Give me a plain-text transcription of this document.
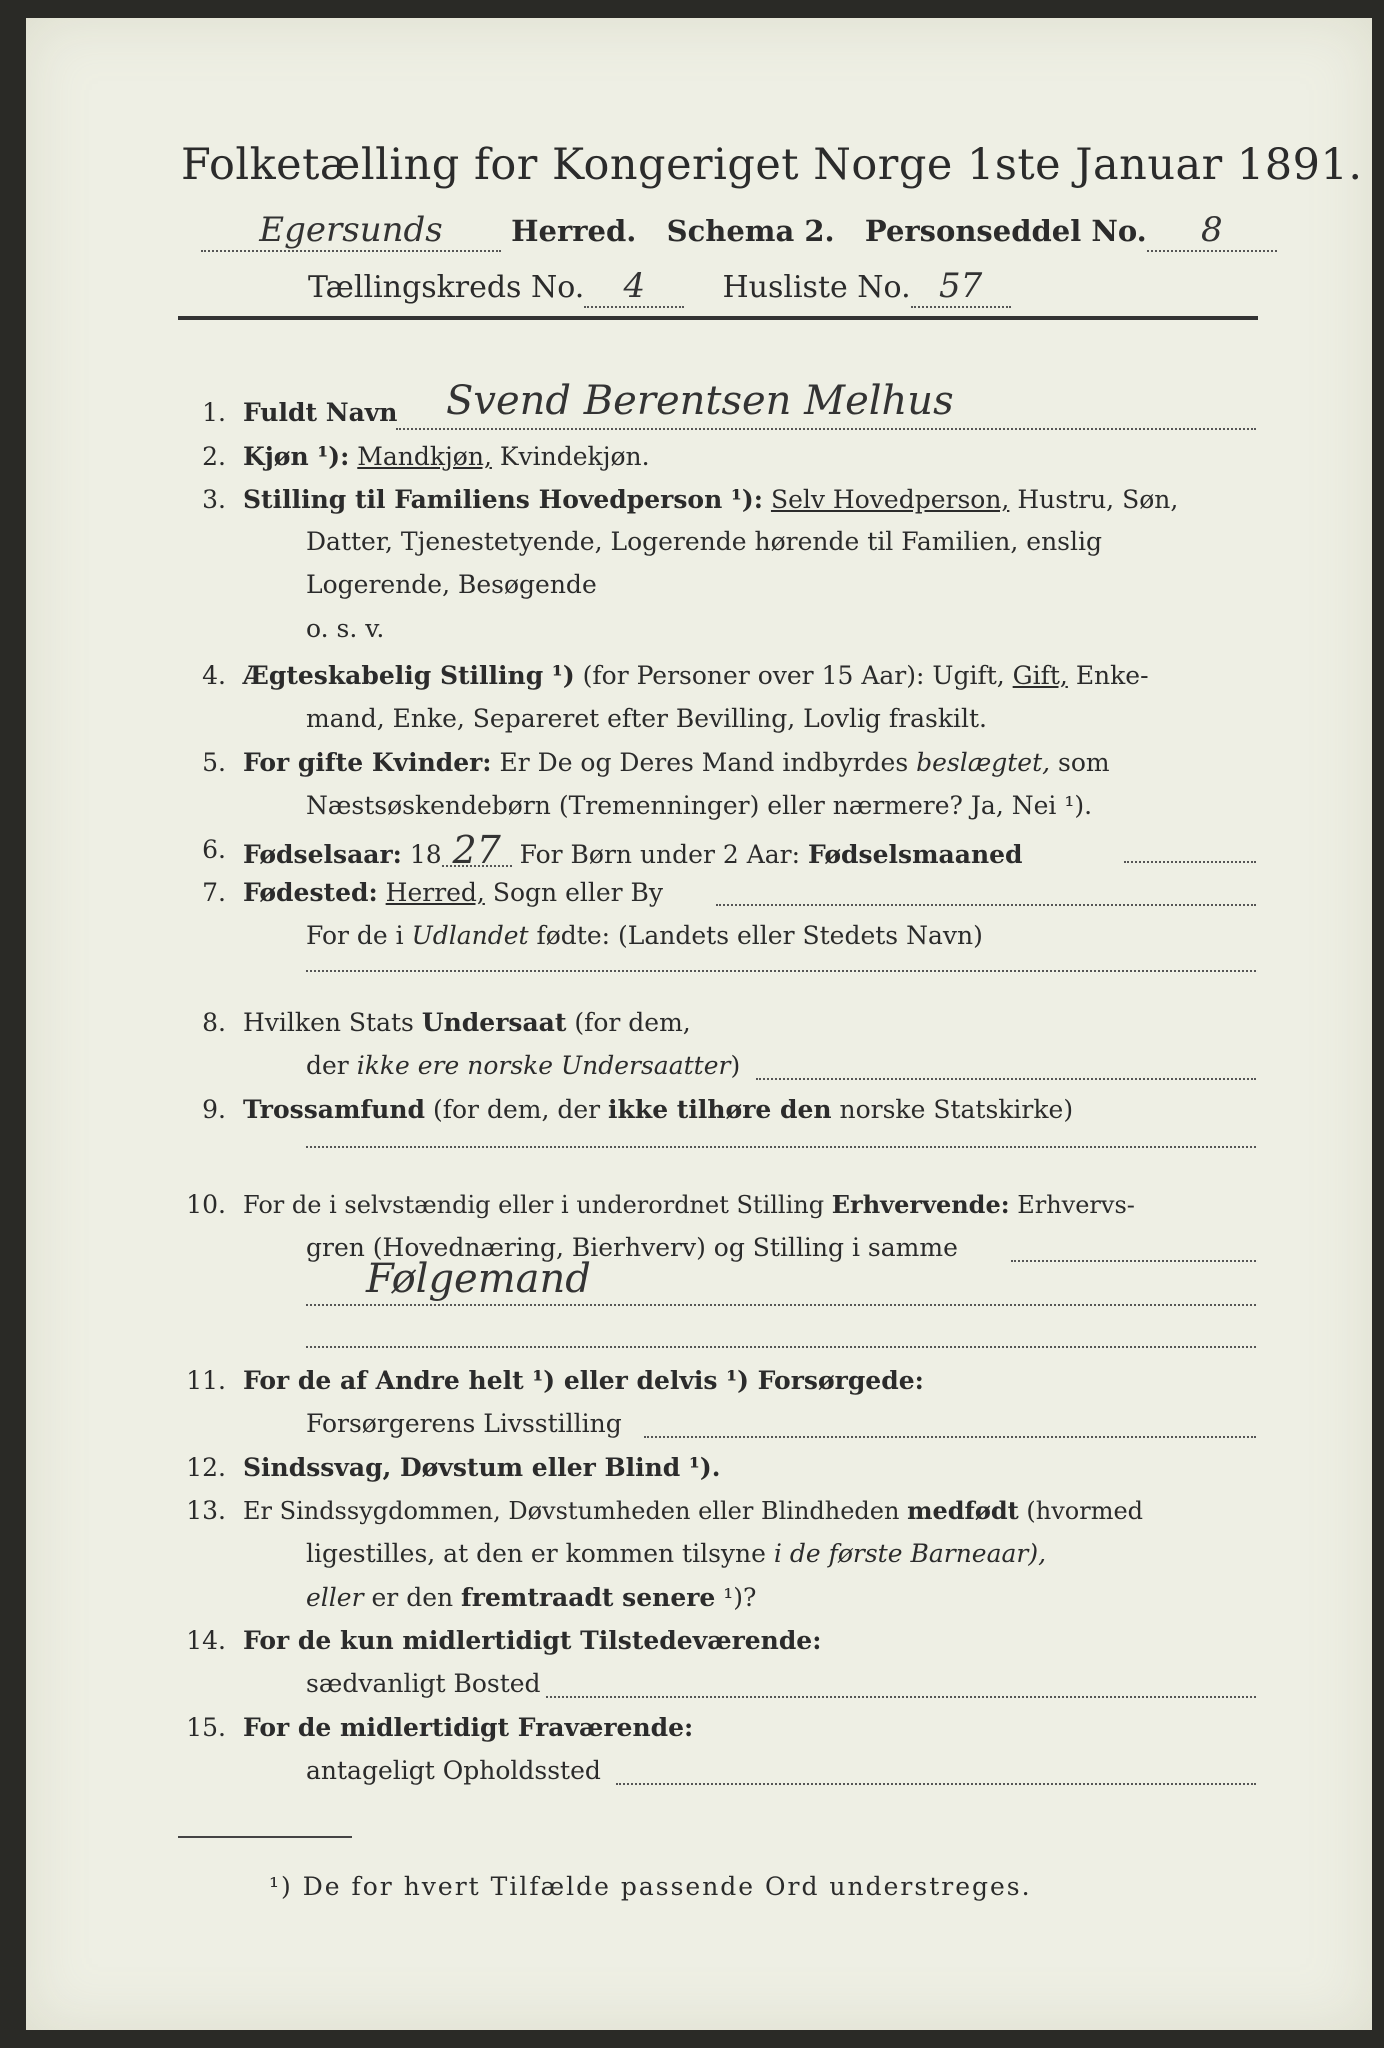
Folketælling for Kongeriget Norge 1ste Januar 1891.
Egersunds Herred. Schema 2. Personseddel No. 8
Tællingskreds No. 4	Husliste No. 57
1. Fuldt Navn Svend Berentsen Melhus
2. Kjøn ¹): Mandkjøn, Kvindekjøn.
3. Stilling til Familiens Hovedperson ¹): Selv Hovedperson, Hustru, Søn,
Datter, Tjenestetyende, Logerende hørende til Familien, enslig
Logerende, Besøgende
o. s. v.
4. Ægteskabelig Stilling ¹) (for Personer over 15 Aar): Ugift, Gift, Enke-
mand, Enke, Separeret efter Bevilling, Lovlig fraskilt.
5. For gifte Kvinder: Er De og Deres Mand indbyrdes beslægtet, som
Næstsøskendebørn (Tremenninger) eller nærmere? Ja, Nei ¹).
6. Fødselsaar: 18 27 For Børn under 2 Aar: Fødselsmaaned
7. Fødested: Herred, Sogn eller By
For de i Udlandet fødte: (Landets eller Stedets Navn)
8. Hvilken Stats Undersaat (for dem,
der ikke ere norske Undersaatter)
9. Trossamfund (for dem, der ikke tilhøre den norske Statskirke)
10. For de i selvstændig eller i underordnet Stilling Erhvervende: Erhvervs-
gren (Hovednæring, Bierhverv) og Stilling i samme
Følgemand
11. For de af Andre helt ¹) eller delvis ¹) Forsørgede:
Forsørgerens Livsstilling
12. Sindssvag, Døvstum eller Blind ¹).
13. Er Sindssygdommen, Døvstumheden eller Blindheden medfødt (hvormed
ligestilles, at den er kommen tilsyne i de første Barneaar),
eller er den fremtraadt senere ¹)?
14. For de kun midlertidigt Tilstedeværende:
sædvanligt Bosted
15. For de midlertidigt Fraværende:
antageligt Opholdssted
¹) De for hvert Tilfælde passende Ord understreges.
